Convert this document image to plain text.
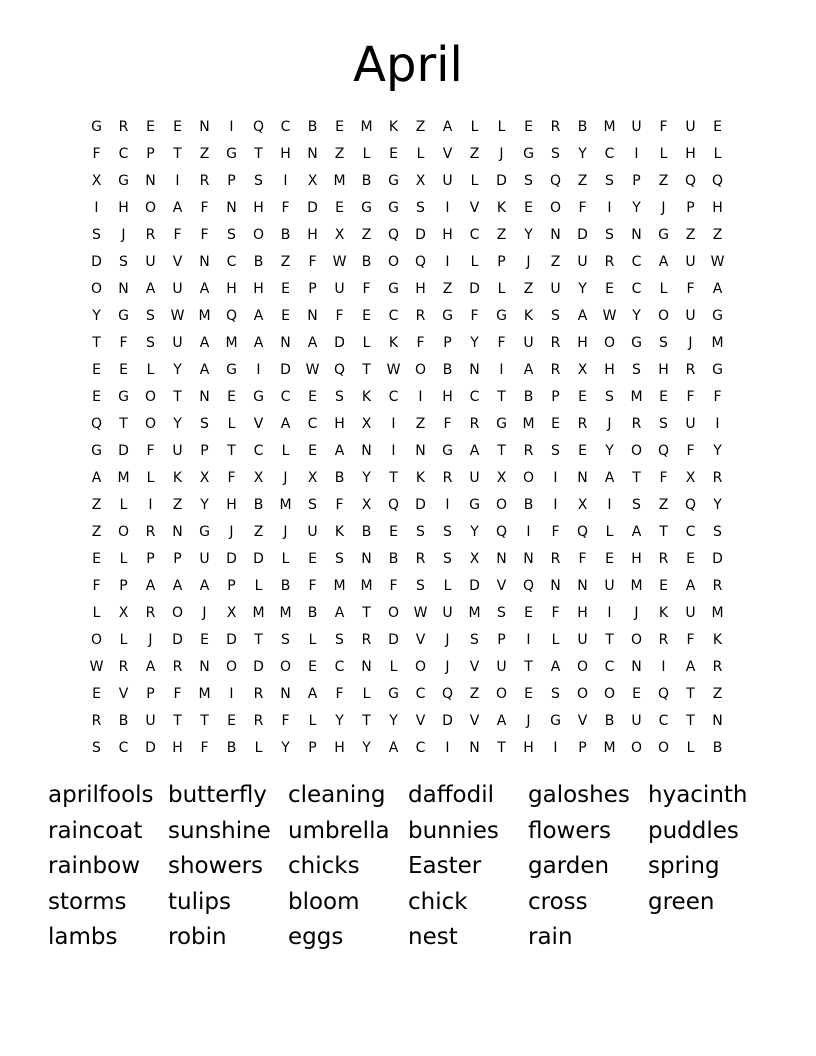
April
G	R	E	E	N	I	Q	C	B	E	M	K	Z	A	L	L	E	R	B	M	U	F	U	E
F	C	P	T	Z	G	T	H	N	Z	L	E	L	V	Z	J	G	S	Y	C	I	L	H	L
X	G	N	I	R	P	S	I	X	M	B	G	X	U	L	D	S	Q	Z	S	P	Z	Q	Q
I	H	O	A	F	N	H	F	D	E	G	G	S	I	V	K	E	O	F	I	Y	J	P	H
S	J	R	F	F	S	O	B	H	X	Z	Q	D	H	C	Z	Y	N	D	S	N	G	Z	Z
D	S	U	V	N	C	B	Z	F	W	B	O	Q	I	L	P	J	Z	U	R	C	A	U	W
O	N	A	U	A	H	H	E	P	U	F	G	H	Z	D	L	Z	U	Y	E	C	L	F	A
Y	G	S	W	M	Q	A	E	N	F	E	C	R	G	F	G	K	S	A	W	Y	O	U	G
T	F	S	U	A	M	A	N	A	D	L	K	F	P	Y	F	U	R	H	O	G	S	J	M
E	E	L	Y	A	G	I	D	W	Q	T	W	O	B	N	I	A	R	X	H	S	H	R	G
E	G	O	T	N	E	G	C	E	S	K	C	I	H	C	T	B	P	E	S	M	E	F	F
Q	T	O	Y	S	L	V	A	C	H	X	I	Z	F	R	G	M	E	R	J	R	S	U	I
G	D	F	U	P	T	C	L	E	A	N	I	N	G	A	T	R	S	E	Y	O	Q	F	Y
A	M	L	K	X	F	X	J	X	B	Y	T	K	R	U	X	O	I	N	A	T	F	X	R
Z	L	I	Z	Y	H	B	M	S	F	X	Q	D	I	G	O	B	I	X	I	S	Z	Q	Y
Z	O	R	N	G	J	Z	J	U	K	B	E	S	S	Y	Q	I	F	Q	L	A	T	C	S
E	L	P	P	U	D	D	L	E	S	N	B	R	S	X	N	N	R	F	E	H	R	E	D
F	P	A	A	A	P	L	B	F	M	M	F	S	L	D	V	Q	N	N	U	M	E	A	R
L	X	R	O	J	X	M	M	B	A	T	O	W	U	M	S	E	F	H	I	J	K	U	M
O	L	J	D	E	D	T	S	L	S	R	D	V	J	S	P	I	L	U	T	O	R	F	K
W	R	A	R	N	O	D	O	E	C	N	L	O	J	V	U	T	A	O	C	N	I	A	R
E	V	P	F	M	I	R	N	A	F	L	G	C	Q	Z	O	E	S	O	O	E	Q	T	Z
R	B	U	T	T	E	R	F	L	Y	T	Y	V	D	V	A	J	G	V	B	U	C	T	N
S	C	D	H	F	B	L	Y	P	H	Y	A	C	I	N	T	H	I	P	M	O	O	L	B
aprilfools butterfly cleaning daffodil	galoshes hyacinth
raincoat	sunshine umbrella bunnies	flowers	puddles
rainbow	showers	chicks	Easter	garden	spring
storms	tulips	bloom	chick	cross	green
lambs	robin	eggs	nest	rain
